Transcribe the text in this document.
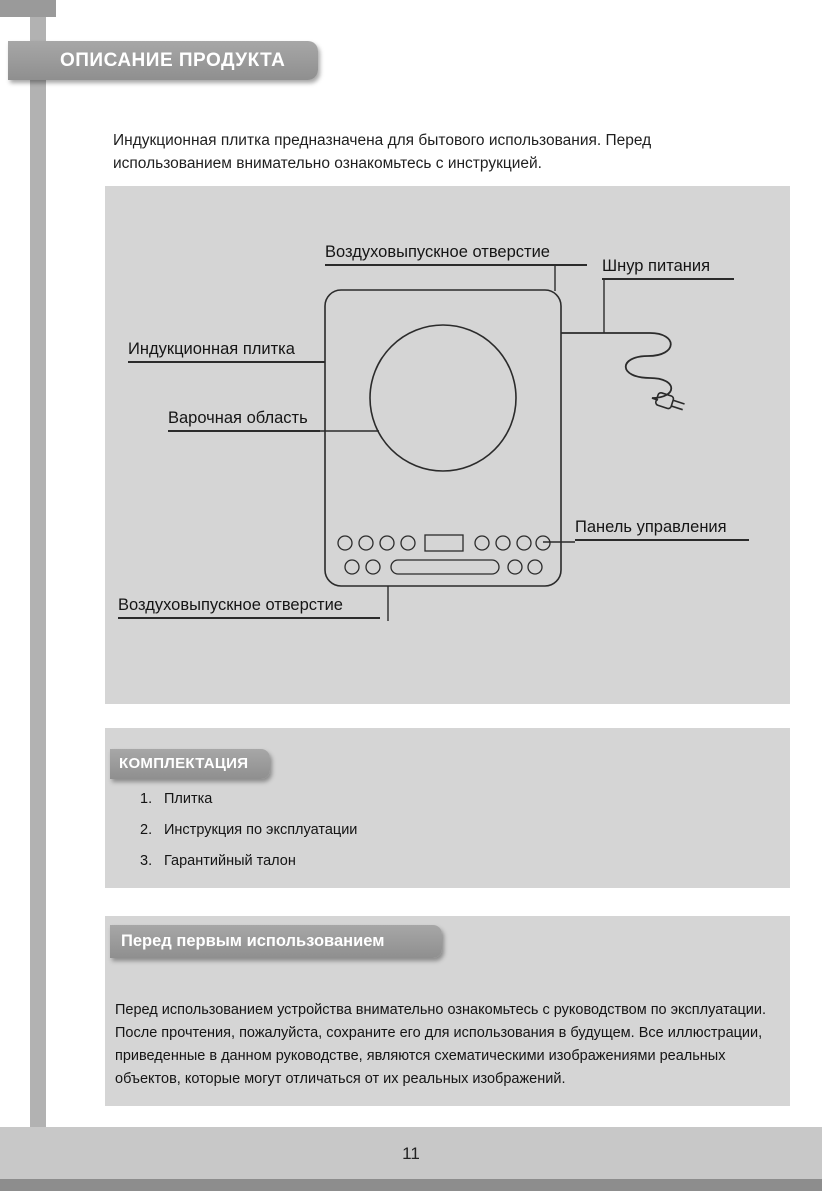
ОПИСАНИЕ ПРОДУКТА

Индукционная плитка предназначена для бытового использования. Перед использованием внимательно ознакомьтесь с инструкцией.

Воздуховыпускное отверстие
Шнур питания
Индукционная плитка
Варочная область
Панель управления
Воздуховыпускное отверстие
КОМПЛЕКТАЦИЯ
1. Плитка
2. Инструкция по эксплуатации
3. Гарантийный талон
Перед первым использованием

Перед использованием устройства внимательно ознакомьтесь с руководством по эксплуатации. После прочтения, пожалуйста, сохраните его для использования в будущем. Все иллюстрации, приведенные в данном руководстве, являются схематическими изображениями реальных объектов, которые могут отличаться от их реальных изображений.

11
